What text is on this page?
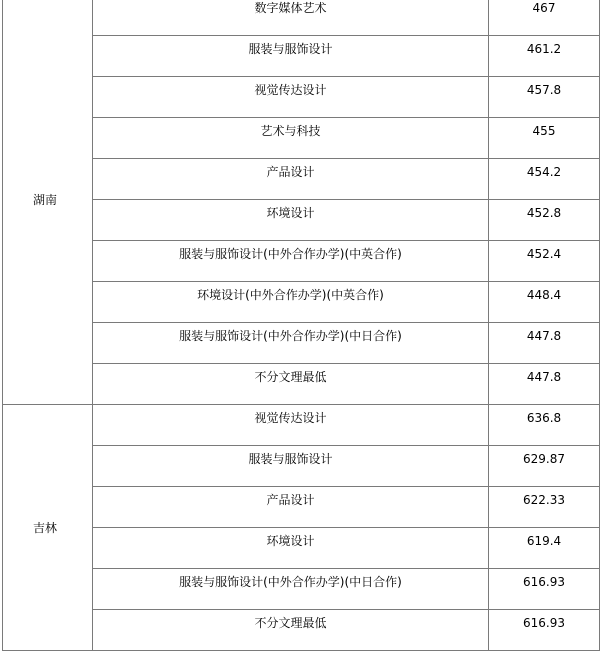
湖南	数字媒体艺术	467

	服装与服饰设计	461.2

	视觉传达设计	457.8

	艺术与科技	455

	产品设计	454.2

	环境设计	452.8

	服装与服饰设计(中外合作办学)(中英合作)	452.4

	环境设计(中外合作办学)(中英合作)	448.4

	服装与服饰设计(中外合作办学)(中日合作)	447.8

	不分文理最低	447.8

吉林	视觉传达设计	636.8

	服装与服饰设计	629.87

	产品设计	622.33

	环境设计	619.4

	服装与服饰设计(中外合作办学)(中日合作)	616.93

	不分文理最低	616.93
